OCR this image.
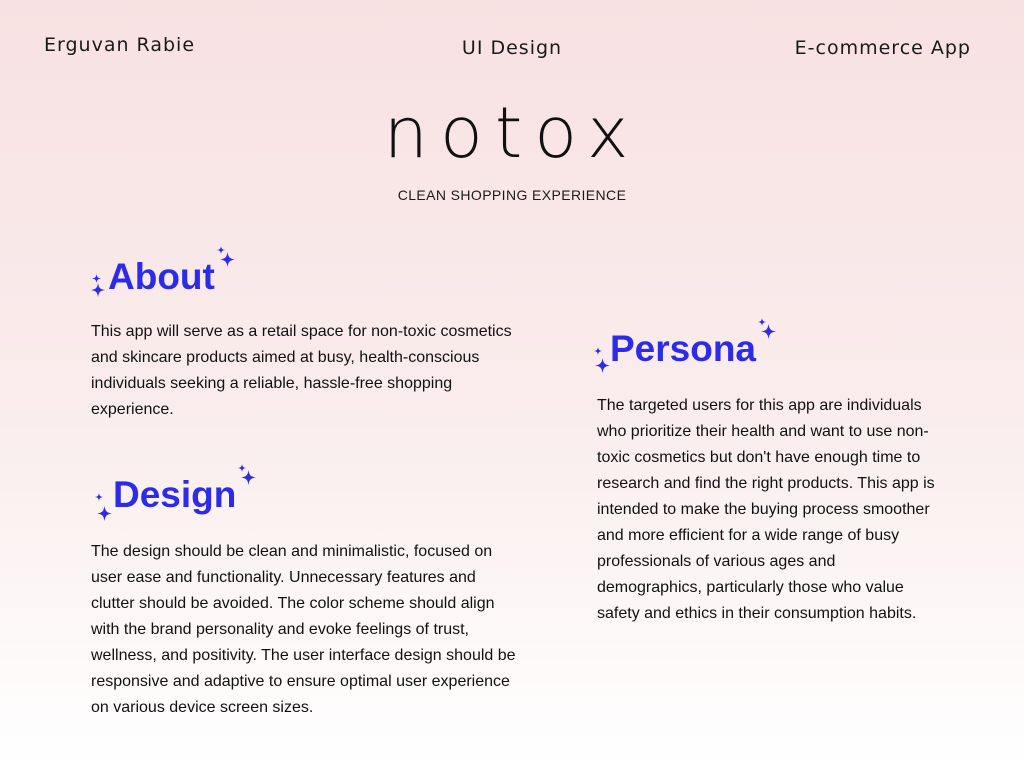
Erguvan Rabie	UI Design	E-commerce App
notox
CLEAN SHOPPING EXPERIENCE
About

This app will serve as a retail space for non-toxic cosmetics and skincare products aimed at busy, health-conscious individuals seeking a reliable, hassle-free shopping experience.

Design

The design should be clean and minimalistic, focused on user ease and functionality. Unnecessary features and clutter should be avoided. The color scheme should align with the brand personality and evoke feelings of trust, wellness, and positivity. The user interface design should be responsive and adaptive to ensure optimal user experience on various device screen sizes.

Persona

The targeted users for this app are individuals who prioritize their health and want to use non-toxic cosmetics but don't have enough time to research and find the right products. This app is intended to make the buying process smoother and more efficient for a wide range of busy professionals of various ages and demographics, particularly those who value safety and ethics in their consumption habits.
